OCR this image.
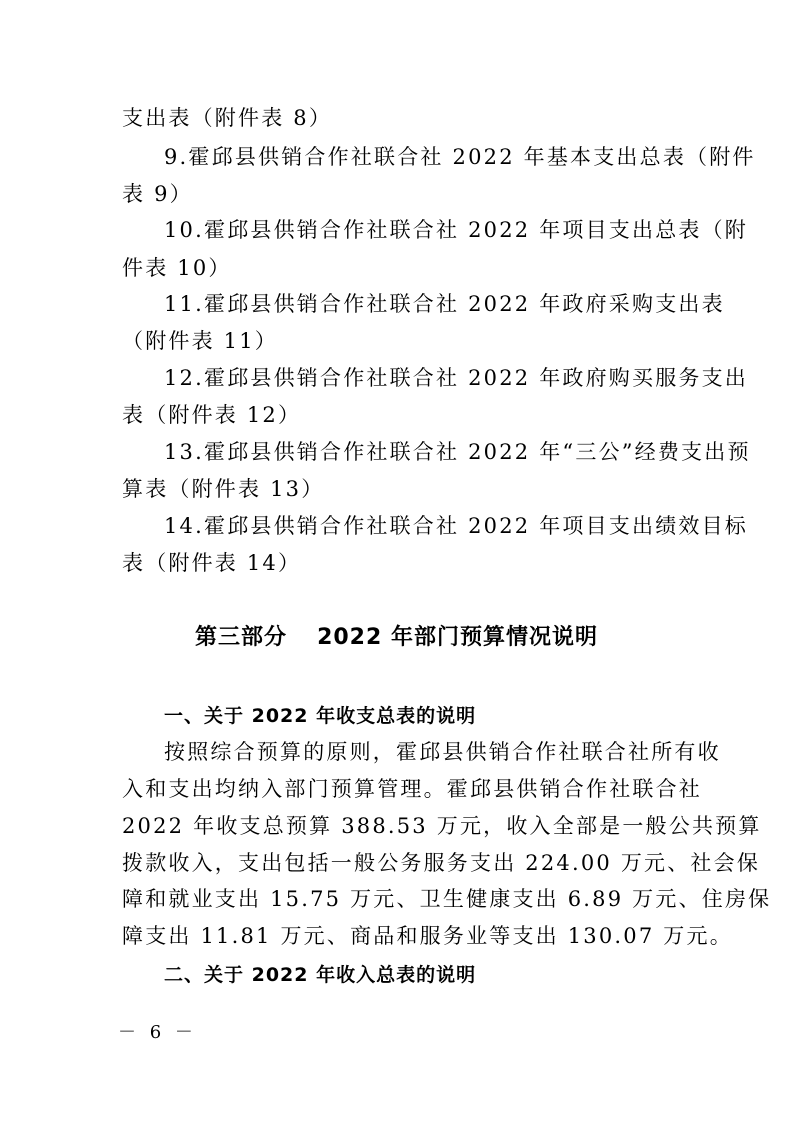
支出表（附件表 8）
9.霍邱县供销合作社联合社 2022 年基本支出总表（附件
表 9）
10.霍邱县供销合作社联合社 2022 年项目支出总表（附
件表 10）
11.霍邱县供销合作社联合社 2022 年政府采购支出表
（附件表 11）
12.霍邱县供销合作社联合社 2022 年政府购买服务支出
表（附件表 12）
13.霍邱县供销合作社联合社 2022 年“三公”经费支出预
算表（附件表 13）
14.霍邱县供销合作社联合社 2022 年项目支出绩效目标
表（附件表 14）
第三部分 2022 年部门预算情况说明
一、关于 2022 年收支总表的说明
按照综合预算的原则，霍邱县供销合作社联合社所有收
入和支出均纳入部门预算管理。霍邱县供销合作社联合社
2022 年收支总预算 388.53 万元，收入全部是一般公共预算
拨款收入，支出包括一般公务服务支出 224.00 万元、社会保
障和就业支出 15.75 万元、卫生健康支出 6.89 万元、住房保
障支出 11.81 万元、商品和服务业等支出 130.07 万元。
二、关于 2022 年收入总表的说明
－ 6 －
